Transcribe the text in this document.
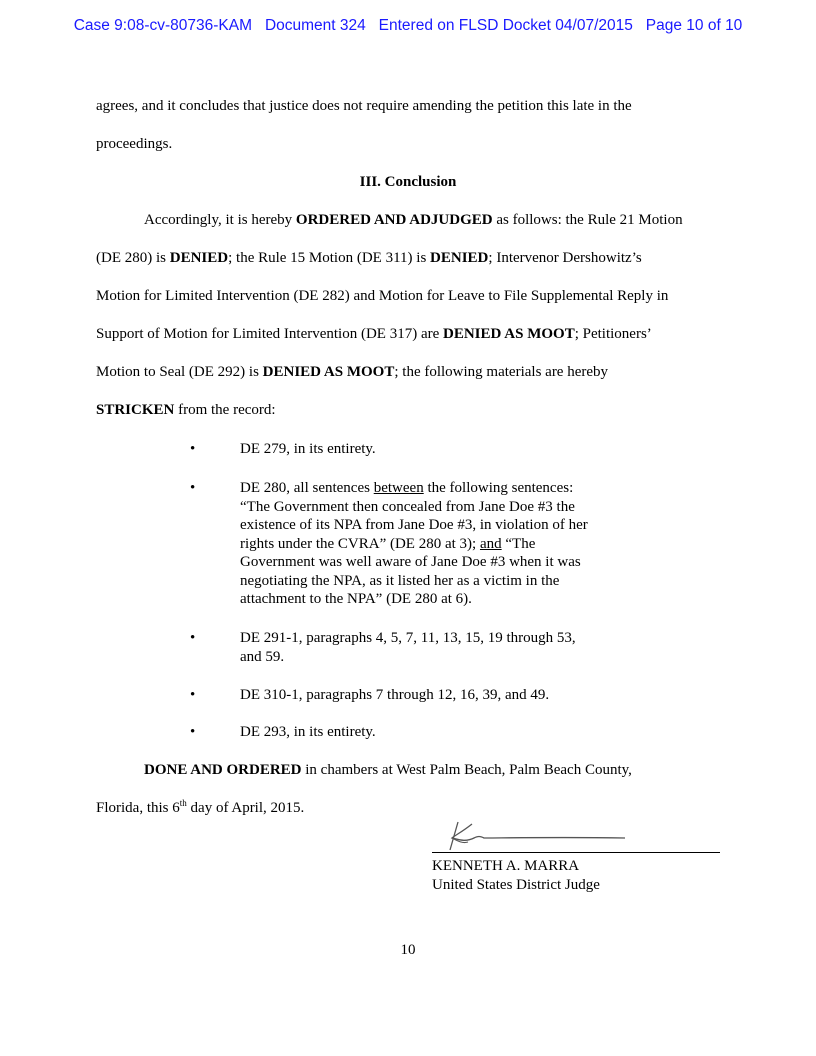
Case 9:08-cv-80736-KAM   Document 324   Entered on FLSD Docket 04/07/2015   Page 10 of 10
agrees, and it concludes that justice does not require amending the petition this late in the
proceedings.
III. Conclusion
Accordingly, it is hereby ORDERED AND ADJUDGED as follows: the Rule 21 Motion
(DE 280) is DENIED; the Rule 15 Motion (DE 311) is DENIED; Intervenor Dershowitz’s
Motion for Limited Intervention (DE 282) and Motion for Leave to File Supplemental Reply in
Support of Motion for Limited Intervention (DE 317) are DENIED AS MOOT; Petitioners’
Motion to Seal (DE 292) is DENIED AS MOOT; the following materials are hereby
STRICKEN from the record:
•	DE 279, in its entirety.
•	DE 280, all sentences between the following sentences:
“The Government then concealed from Jane Doe #3 the
existence of its NPA from Jane Doe #3, in violation of her
rights under the CVRA” (DE 280 at 3); and “The
Government was well aware of Jane Doe #3 when it was
negotiating the NPA, as it listed her as a victim in the
attachment to the NPA” (DE 280 at 6).
•	DE 291-1, paragraphs 4, 5, 7, 11, 13, 15, 19 through 53,
and 59.
•	DE 310-1, paragraphs 7 through 12, 16, 39, and 49.
•	DE 293, in its entirety.
DONE AND ORDERED in chambers at West Palm Beach, Palm Beach County,
Florida, this 6th day of April, 2015.
KENNETH A. MARRA
United States District Judge
10
